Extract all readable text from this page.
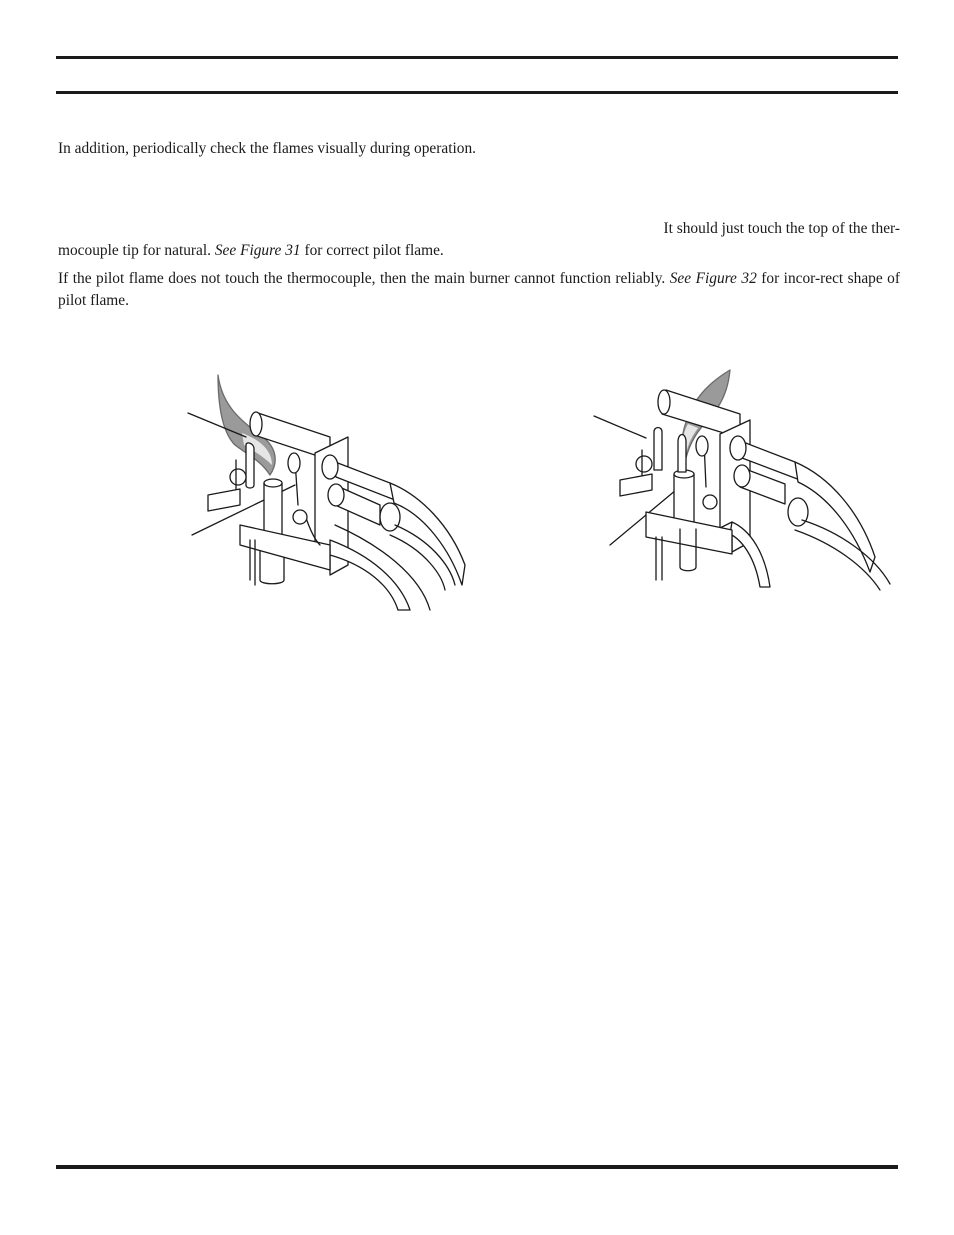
In addition, periodically check the flames visually during operation.

It should just touch the top of the ther-

mocouple tip for natural. See Figure 31 for correct pilot flame.

If the pilot flame does not touch the thermocouple, then the main burner cannot function reliably. See Figure 32 for incor-rect shape of pilot flame.
